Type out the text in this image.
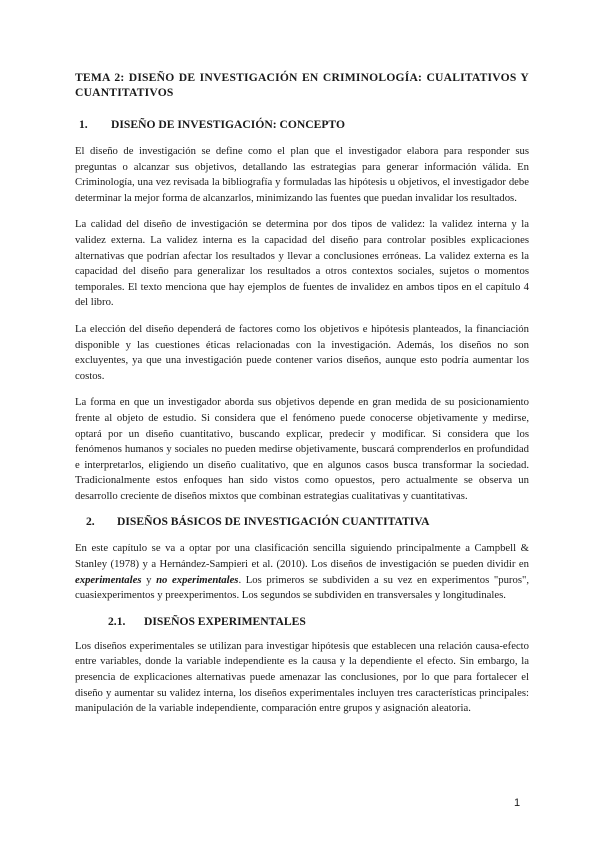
TEMA 2: DISEÑO DE INVESTIGACIÓN EN CRIMINOLOGÍA: CUALITATIVOS Y CUANTITATIVOS
1.	DISEÑO DE INVESTIGACIÓN: CONCEPTO

El diseño de investigación se define como el plan que el investigador elabora para responder sus preguntas o alcanzar sus objetivos, detallando las estrategias para generar información válida. En Criminología, una vez revisada la bibliografía y formuladas las hipótesis u objetivos, el investigador debe determinar la mejor forma de alcanzarlos, minimizando las fuentes que puedan invalidar los resultados.

La calidad del diseño de investigación se determina por dos tipos de validez: la validez interna y la validez externa. La validez interna es la capacidad del diseño para controlar posibles explicaciones alternativas que podrían afectar los resultados y llevar a conclusiones erróneas. La validez externa es la capacidad del diseño para generalizar los resultados a otros contextos sociales, sujetos o momentos temporales. El texto menciona que hay ejemplos de fuentes de invalidez en ambos tipos en el capítulo 4 del libro.

La elección del diseño dependerá de factores como los objetivos e hipótesis planteados, la financiación disponible y las cuestiones éticas relacionadas con la investigación. Además, los diseños no son excluyentes, ya que una investigación puede contener varios diseños, aunque esto podría aumentar los costos.

La forma en que un investigador aborda sus objetivos depende en gran medida de su posicionamiento frente al objeto de estudio. Si considera que el fenómeno puede conocerse objetivamente y medirse, optará por un diseño cuantitativo, buscando explicar, predecir y modificar. Si considera que los fenómenos humanos y sociales no pueden medirse objetivamente, buscará comprenderlos en profundidad e interpretarlos, eligiendo un diseño cualitativo, que en algunos casos busca transformar la sociedad. Tradicionalmente estos enfoques han sido vistos como opuestos, pero actualmente se observa un desarrollo creciente de diseños mixtos que combinan estrategias cualitativas y cuantitativas.

2.	DISEÑOS BÁSICOS DE INVESTIGACIÓN CUANTITATIVA

En este capítulo se va a optar por una clasificación sencilla siguiendo principalmente a Campbell & Stanley (1978) y a Hernández-Sampieri et al. (2010). Los diseños de investigación se pueden dividir en experimentales y no experimentales. Los primeros se subdividen a su vez en experimentos "puros", cuasiexperimentos y preexperimentos. Los segundos se subdividen en transversales y longitudinales.

2.1.	DISEÑOS EXPERIMENTALES

Los diseños experimentales se utilizan para investigar hipótesis que establecen una relación causa-efecto entre variables, donde la variable independiente es la causa y la dependiente el efecto. Sin embargo, la presencia de explicaciones alternativas puede amenazar las conclusiones, por lo que para fortalecer el diseño y aumentar su validez interna, los diseños experimentales incluyen tres características principales: manipulación de la variable independiente, comparación entre grupos y asignación aleatoria.

1
